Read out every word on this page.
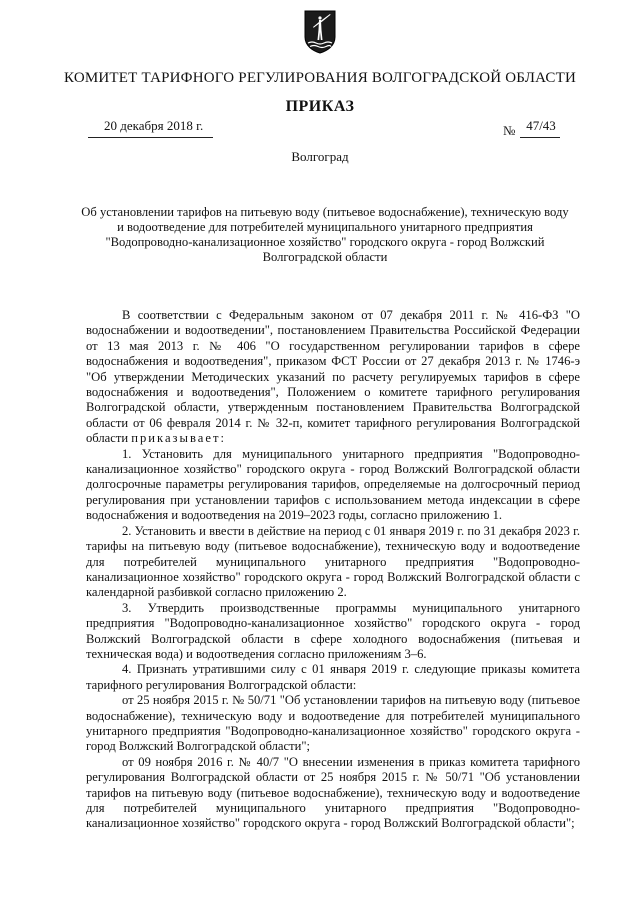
КОМИТЕТ ТАРИФНОГО РЕГУЛИРОВАНИЯ ВОЛГОГРАДСКОЙ ОБЛАСТИ
ПРИКАЗ
20 декабря 2018 г.	№ 47/43
Волгоград
Об установлении тарифов на питьевую воду (питьевое водоснабжение), техническую воду и водоотведение для потребителей муниципального унитарного предприятия "Водопроводно-канализационное хозяйство" городского округа - город Волжский Волгоградской области

В соответствии с Федеральным законом от 07 декабря 2011 г. № 416-ФЗ "О водоснабжении и водоотведении", постановлением Правительства Российской Федерации от 13 мая 2013 г. № 406 "О государственном регулировании тарифов в сфере водоснабжения и водоотведения", приказом ФСТ России от 27 декабря 2013 г. № 1746-э "Об утверждении Методических указаний по расчету регулируемых тарифов в сфере водоснабжения и водоотведения", Положением о комитете тарифного регулирования Волгоградской области, утвержденным постановлением Правительства Волгоградской области от 06 февраля 2014 г. № 32-п, комитет тарифного регулирования Волгоградской области приказывает:

1. Установить для муниципального унитарного предприятия "Водопроводно-канализационное хозяйство" городского округа - город Волжский Волгоградской области долгосрочные параметры регулирования тарифов, определяемые на долгосрочный период регулирования при установлении тарифов с использованием метода индексации в сфере водоснабжения и водоотведения на 2019–2023 годы, согласно приложению 1.

2. Установить и ввести в действие на период с 01 января 2019 г. по 31 декабря 2023 г. тарифы на питьевую воду (питьевое водоснабжение), техническую воду и водоотведение для потребителей муниципального унитарного предприятия "Водопроводно-канализационное хозяйство" городского округа - город Волжский Волгоградской области с календарной разбивкой согласно приложению 2.

3. Утвердить производственные программы муниципального унитарного предприятия "Водопроводно-канализационное хозяйство" городского округа - город Волжский Волгоградской области в сфере холодного водоснабжения (питьевая и техническая вода) и водоотведения согласно приложениям 3–6.

4. Признать утратившими силу с 01 января 2019 г. следующие приказы комитета тарифного регулирования Волгоградской области:

от 25 ноября 2015 г. № 50/71 "Об установлении тарифов на питьевую воду (питьевое водоснабжение), техническую воду и водоотведение для потребителей муниципального унитарного предприятия "Водопроводно-канализационное хозяйство" городского округа - город Волжский Волгоградской области";

от 09 ноября 2016 г. № 40/7 "О внесении изменения в приказ комитета тарифного регулирования Волгоградской области от 25 ноября 2015 г. № 50/71 "Об установлении тарифов на питьевую воду (питьевое водоснабжение), техническую воду и водоотведение для потребителей муниципального унитарного предприятия "Водопроводно-канализационное хозяйство" городского округа - город Волжский Волгоградской области";
